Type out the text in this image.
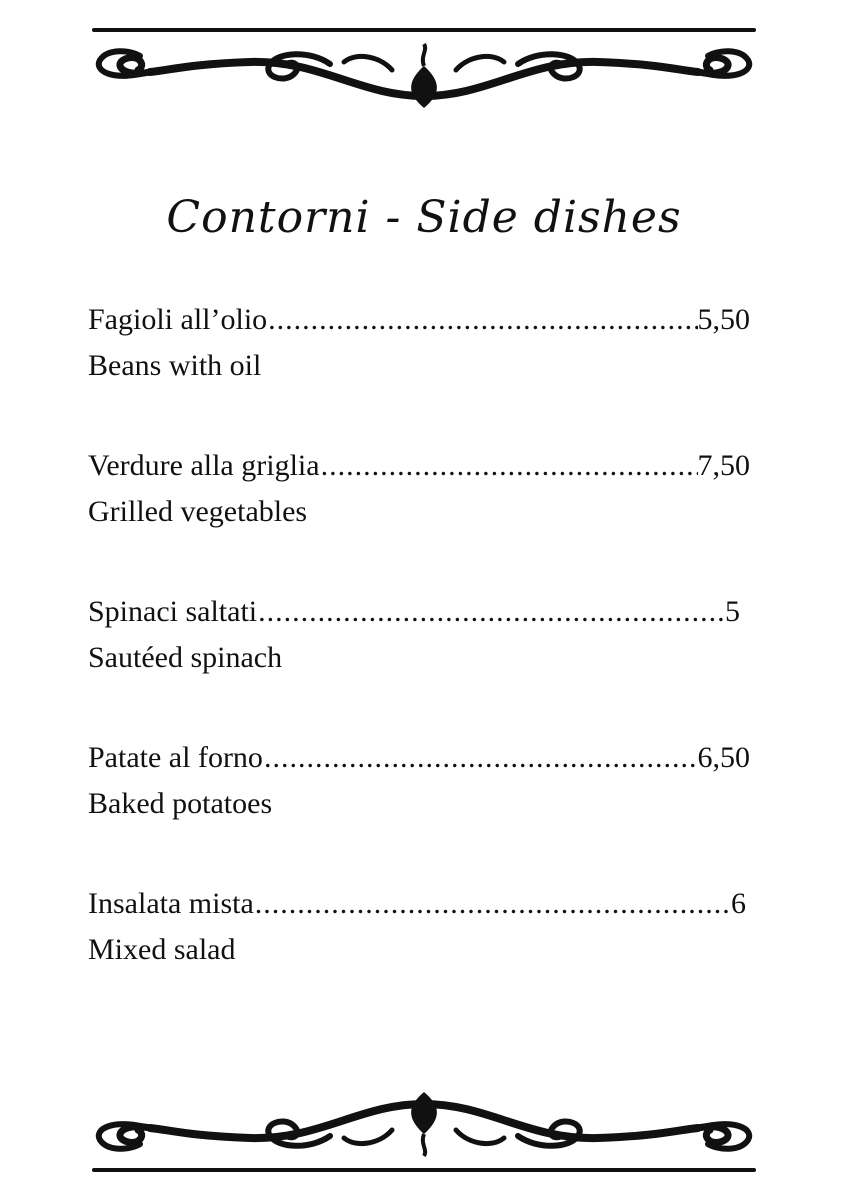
Contorni - Side dishes
Fagioli all’olio .....	5,50
Beans with oil
Verdure alla griglia .....	7,50
Grilled vegetables
Spinaci saltati .....	5
Sautéed spinach
Patate al forno .....	6,50
Baked potatoes
Insalata mista .....	6
Mixed salad
